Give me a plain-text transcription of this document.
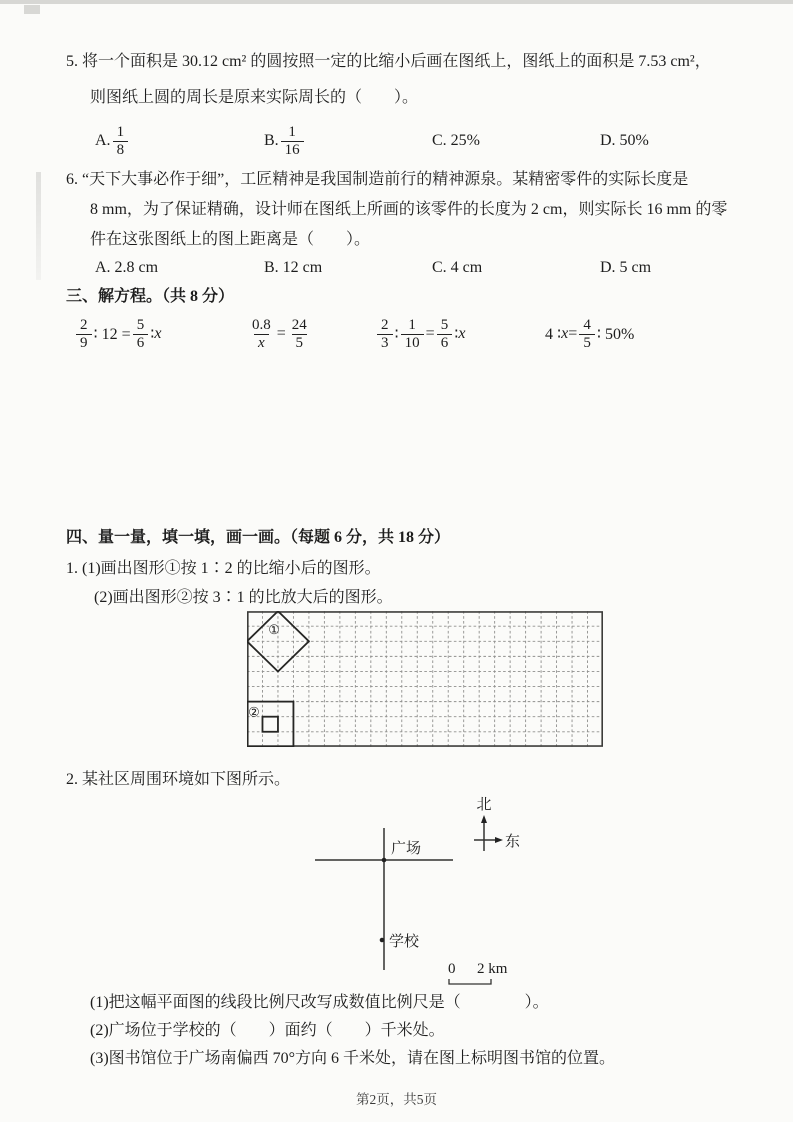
5. 将一个面积是 30.12 cm² 的圆按照一定的比缩小后画在图纸上，图纸上的面积是 7.53 cm²，
则图纸上圆的周长是原来实际周长的（　　）。
A. $\frac{1}{8}$	B. $\frac{1}{16}$	C. 25%	D. 50%
6. “天下大事必作于细”，工匠精神是我国制造前行的精神源泉。某精密零件的实际长度是
8 mm，为了保证精确，设计师在图纸上所画的该零件的长度为 2 cm，则实际长 16 mm 的零
件在这张图纸上的图上距离是（　　）。
A. 2.8 cm	B. 12 cm	C. 4 cm	D. 5 cm
三、解方程。（共 8 分）
$\frac{2}{9}$ ∶ $12 = \frac{5}{6}$ ∶ x	$\frac{0.8}{x} = \frac{24}{5}$	$\frac{2}{3}$ ∶ $\frac{1}{10} = \frac{5}{6}$ ∶ x	4 ∶ $x = \frac{4}{5}$ ∶ 50%
四、量一量，填一填，画一画。（每题 6 分，共 18 分）
1. (1)画出图形①按 1∶2 的比缩小后的图形。
(2)画出图形②按 3∶1 的比放大后的图形。
①
②
2. 某社区周围环境如下图所示。
广场
学校
北
东
0 2 km
(1)把这幅平面图的线段比例尺改写成数值比例尺是（　　　　）。
(2)广场位于学校的（　　）面约（　　）千米处。
(3)图书馆位于广场南偏西 70°方向 6 千米处，请在图上标明图书馆的位置。
第2页，共5页
